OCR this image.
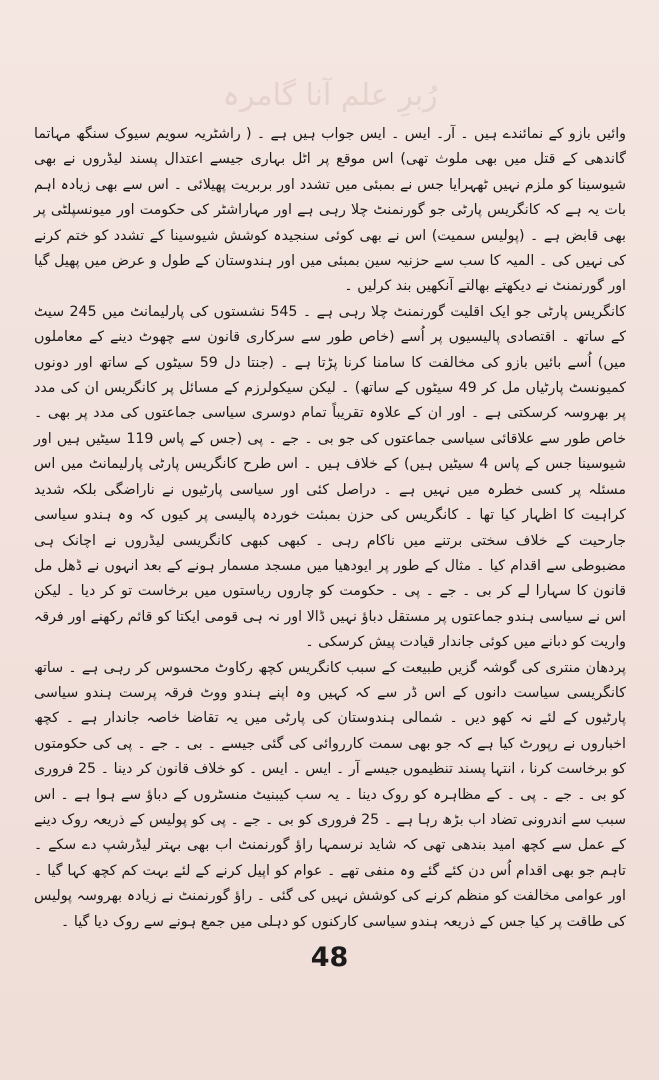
رُبرِ علم آنا گامرہ

وائیں بازو کے نمائندے ہیں ۔ آر۔ ایس ۔ ایس جواب ہیں ہے ۔ ( راشٹریہ سویم سیوک سنگھ مہاتما گاندھی کے قتل میں بھی ملوث تھی) اس موقع پر اٹل بہاری جیسے اعتدال پسند لیڈروں نے بھی شیوسینا کو ملزم نہیں ٹھہرایا جس نے بمبئی میں تشدد اور بربریت پھیلائی ۔ اس سے بھی زیادہ اہم بات یہ ہے کہ کانگریس پارٹی جو گورنمنٹ چلا رہی ہے اور مہاراشٹر کی حکومت اور میونسپلٹی پر بھی قابض ہے ۔ (پولیس سمیت) اس نے بھی کوئی سنجیدہ کوشش شیوسینا کے تشدد کو ختم کرنے کی نہیں کی ۔ المیہ کا سب سے حزنیہ سین بمبئی میں اور ہندوستان کے طول و عرض میں پھیل گیا اور گورنمنٹ نے دیکھتے بھالتے آنکھیں بند کرلیں ۔

کانگریس پارٹی جو ایک اقلیت گورنمنٹ چلا رہی ہے ۔ 545 نشستوں کی پارلیمانٹ میں 245 سیٹ کے ساتھ ۔ اقتصادی پالیسیوں پر اُسے (خاص طور سے سرکاری قانون سے چھوٹ دینے کے معاملوں میں) اُسے بائیں بازو کی مخالفت کا سامنا کرنا پڑتا ہے ۔ (جنتا دل 59 سیٹوں کے ساتھ اور دونوں کمیونسٹ پارٹیاں مل کر 49 سیٹوں کے ساتھ) ۔ لیکن سیکولرزم کے مسائل پر کانگریس ان کی مدد پر بھروسہ کرسکتی ہے ۔ اور ان کے علاوہ تقریباً تمام دوسری سیاسی جماعتوں کی مدد پر بھی ۔ خاص طور سے علاقائی سیاسی جماعتوں کی جو بی ۔ جے ۔ پی (جس کے پاس 119 سیٹیں ہیں اور شیوسینا جس کے پاس 4 سیٹیں ہیں) کے خلاف ہیں ۔ اس طرح کانگریس پارٹی پارلیمانٹ میں اس مسئلہ پر کسی خطرہ میں نہیں ہے ۔ دراصل کئی اور سیاسی پارٹیوں نے ناراضگی بلکہ شدید کراہیت کا اظہار کیا تھا ۔ کانگریس کی حزن بمبئت خوردہ پالیسی پر کیوں کہ وہ ہندو سیاسی جارحیت کے خلاف سختی برتنے میں ناکام رہی ۔ کبھی کبھی کانگریسی لیڈروں نے اچانک ہی مضبوطی سے اقدام کیا ۔ مثال کے طور پر ایودھیا میں مسجد مسمار ہونے کے بعد انہوں نے ڈھل مل قانون کا سہارا لے کر بی ۔ جے ۔ پی ۔ حکومت کو چاروں ریاستوں میں برخاست تو کر دیا ۔ لیکن اس نے سیاسی ہندو جماعتوں پر مستقل دباؤ نہیں ڈالا اور نہ ہی قومی ایکتا کو قائم رکھنے اور فرقہ واریت کو دبانے میں کوئی جاندار قیادت پیش کرسکی ۔

پردھان منتری کی گوشہ گزیں طبیعت کے سبب کانگریس کچھ رکاوٹ محسوس کر رہی ہے ۔ ساتھ کانگریسی سیاست دانوں کے اس ڈر سے کہ کہیں وہ اپنے ہندو ووٹ فرقہ پرست ہندو سیاسی پارٹیوں کے لئے نہ کھو دیں ۔ شمالی ہندوستان کی پارٹی میں یہ تقاضا خاصہ جاندار ہے ۔ کچھ اخباروں نے رپورٹ کیا ہے کہ جو بھی سمت کارروائی کی گئی جیسے ۔ بی ۔ جے ۔ پی کی حکومتوں کو برخاست کرنا ، انتہا پسند تنظیموں جیسے آر ۔ ایس ۔ ایس ۔ کو خلاف قانون کر دینا ۔ 25 فروری کو بی ۔ جے ۔ پی ۔ کے مظاہرہ کو روک دینا ۔ یہ سب کیبنیٹ منسٹروں کے دباؤ سے ہوا ہے ۔ اس سبب سے اندرونی تضاد اب بڑھ رہا ہے ۔ 25 فروری کو بی ۔ جے ۔ پی کو پولیس کے ذریعہ روک دینے کے عمل سے کچھ امید بندھی تھی کہ شاید نرسمہا راؤ گورنمنٹ اب بھی بہتر لیڈرشپ دے سکے ۔ تاہم جو بھی اقدام اُس دن کئے گئے وہ منفی تھے ۔ عوام کو اپیل کرنے کے لئے بہت کم کچھ کہا گیا ۔ اور عوامی مخالفت کو منظم کرنے کی کوشش نہیں کی گئی ۔ راؤ گورنمنٹ نے زیادہ بھروسہ پولیس کی طاقت پر کیا جس کے ذریعہ ہندو سیاسی کارکنوں کو دہلی میں جمع ہونے سے روک دیا گیا ۔

48
